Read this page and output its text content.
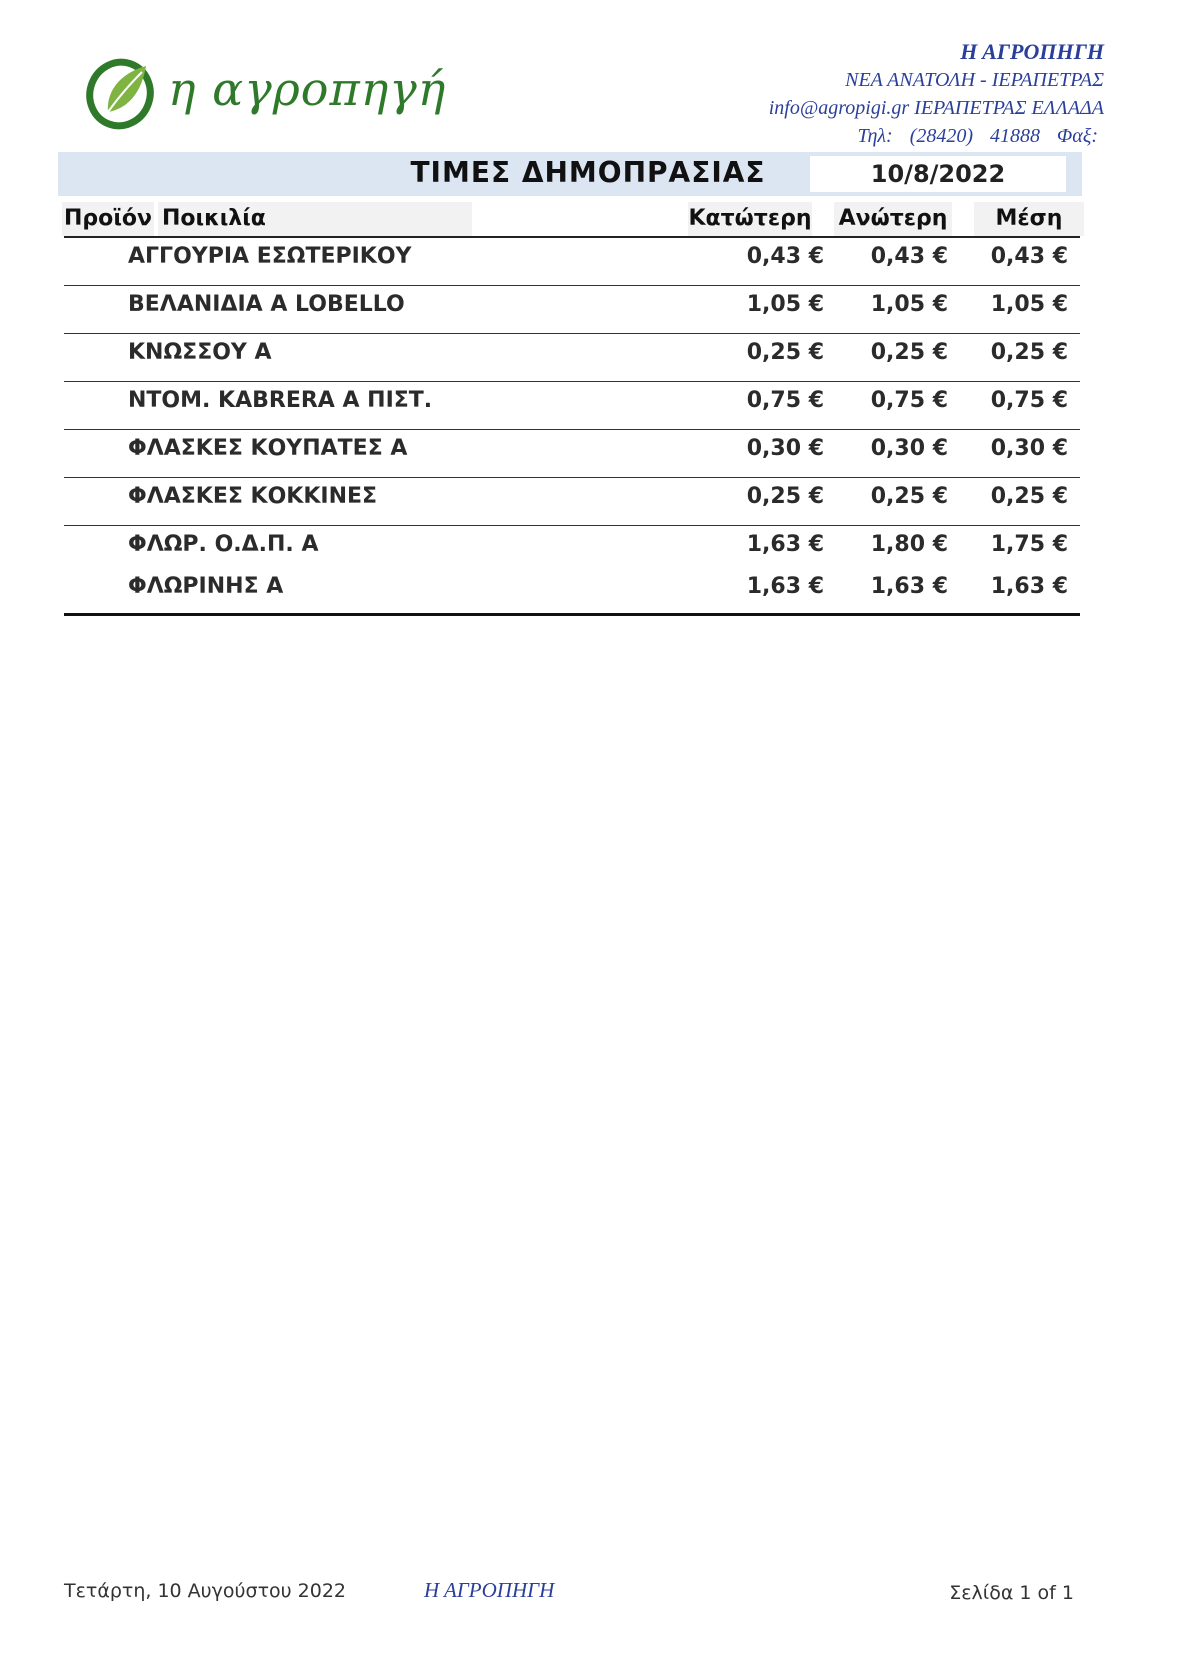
η αγροπηγή
Η ΑΓΡΟΠΗΓΗ
ΝΕΑ ΑΝΑΤΟΛΗ - ΙΕΡΑΠΕΤΡΑΣ
info@agropigi.gr ΙΕΡΑΠΕΤΡΑΣ ΕΛΛΑΔΑ
Τηλ: (28420) 41888 Φαξ:
ΤΙΜΕΣ ΔΗΜΟΠΡΑΣΙΑΣ	10/8/2022
Προϊόν Ποικιλία	Κατώτερη Ανώτερη	Μέση
ΑΓΓΟΥΡΙΑ ΕΣΩΤΕΡΙΚΟΥ	0,43 € 0,43 € 0,43 €
ΒΕΛΑΝΙΔΙΑ Α LOBELLO	1,05 € 1,05 € 1,05 €
ΚΝΩΣΣΟΥ Α	0,25 € 0,25 € 0,25 €
ΝΤΟΜ. KABRERA Α ΠΙΣΤ.	0,75 € 0,75 € 0,75 €
ΦΛΑΣΚΕΣ ΚΟΥΠΑΤΕΣ Α	0,30 € 0,30 € 0,30 €
ΦΛΑΣΚΕΣ ΚΟΚΚΙΝΕΣ	0,25 € 0,25 € 0,25 €
ΦΛΩΡ. Ο.Δ.Π. Α	1,63 € 1,80 € 1,75 €
ΦΛΩΡΙΝΗΣ Α	1,63 € 1,63 € 1,63 €
Τετάρτη, 10 Αυγούστου 2022	Η ΑΓΡΟΠΗΓΗ	Σελίδα 1 of 1
